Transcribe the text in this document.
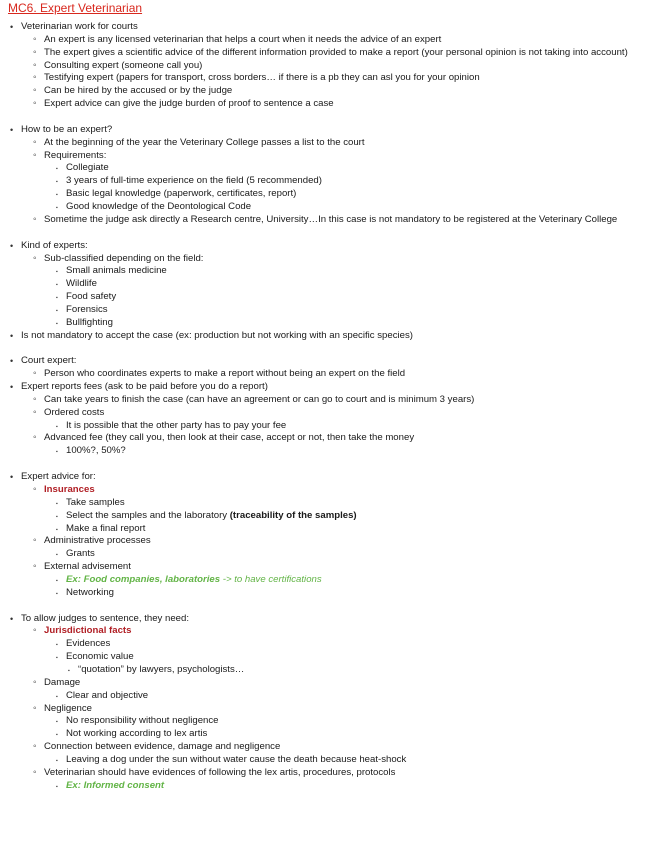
MC6. Expert Veterinarian
• Veterinarian work for courts
◦ An expert is any licensed veterinarian that helps a court when it needs the advice of an expert
◦ The expert gives a scientific advice of the different information provided to make a report (your personal opinion is not taking into account)
◦ Consulting expert (someone call you)
◦ Testifying expert (papers for transport, cross borders… if there is a pb they can asl you for your opinion
◦ Can be hired by the accused or by the judge
◦ Expert advice can give the judge burden of proof to sentence a case
• How to be an expert?
◦ At the beginning of the year the Veterinary College passes a list to the court
◦ Requirements:
▪ Collegiate
▪ 3 years of full-time experience on the field (5 recommended)
▪ Basic legal knowledge (paperwork, certificates, report)
▪ Good knowledge of the Deontological Code
◦ Sometime the judge ask directly a Research centre, University…In this case is not mandatory to be registered at the Veterinary College
• Kind of experts:
◦ Sub-classified depending on the field:
▪ Small animals medicine
▪ Wildlife
▪ Food safety
▪ Forensics
▪ Bullfighting
• Is not mandatory to accept the case (ex: production but not working with an specific species)
• Court expert:
◦ Person who coordinates experts to make a report without being an expert on the field
• Expert reports fees (ask to be paid before you do a report)
◦ Can take years to finish the case (can have an agreement or can go to court and is minimum 3 years)
◦ Ordered costs
▪ It is possible that the other party has to pay your fee
◦ Advanced fee (they call you, then look at their case, accept or not, then take the money
▪ 100%?, 50%?
• Expert advice for:
◦ Insurances
▪ Take samples
▪ Select the samples and the laboratory (traceability of the samples)
▪ Make a final report
◦ Administrative processes
▪ Grants
◦ External advisement
▪ Ex: Food companies, laboratories -> to have certifications
▪ Networking
• To allow judges to sentence, they need:
◦ Jurisdictional facts
▪ Evidences
▪ Economic value
▪ “quotation” by lawyers, psychologists…
◦ Damage
▪ Clear and objective
◦ Negligence
▪ No responsibility without negligence
▪ Not working according to lex artis
◦ Connection between evidence, damage and negligence
▪ Leaving a dog under the sun without water cause the death because heat-shock
◦ Veterinarian should have evidences of following the lex artis, procedures, protocols
▪ Ex: Informed consent
